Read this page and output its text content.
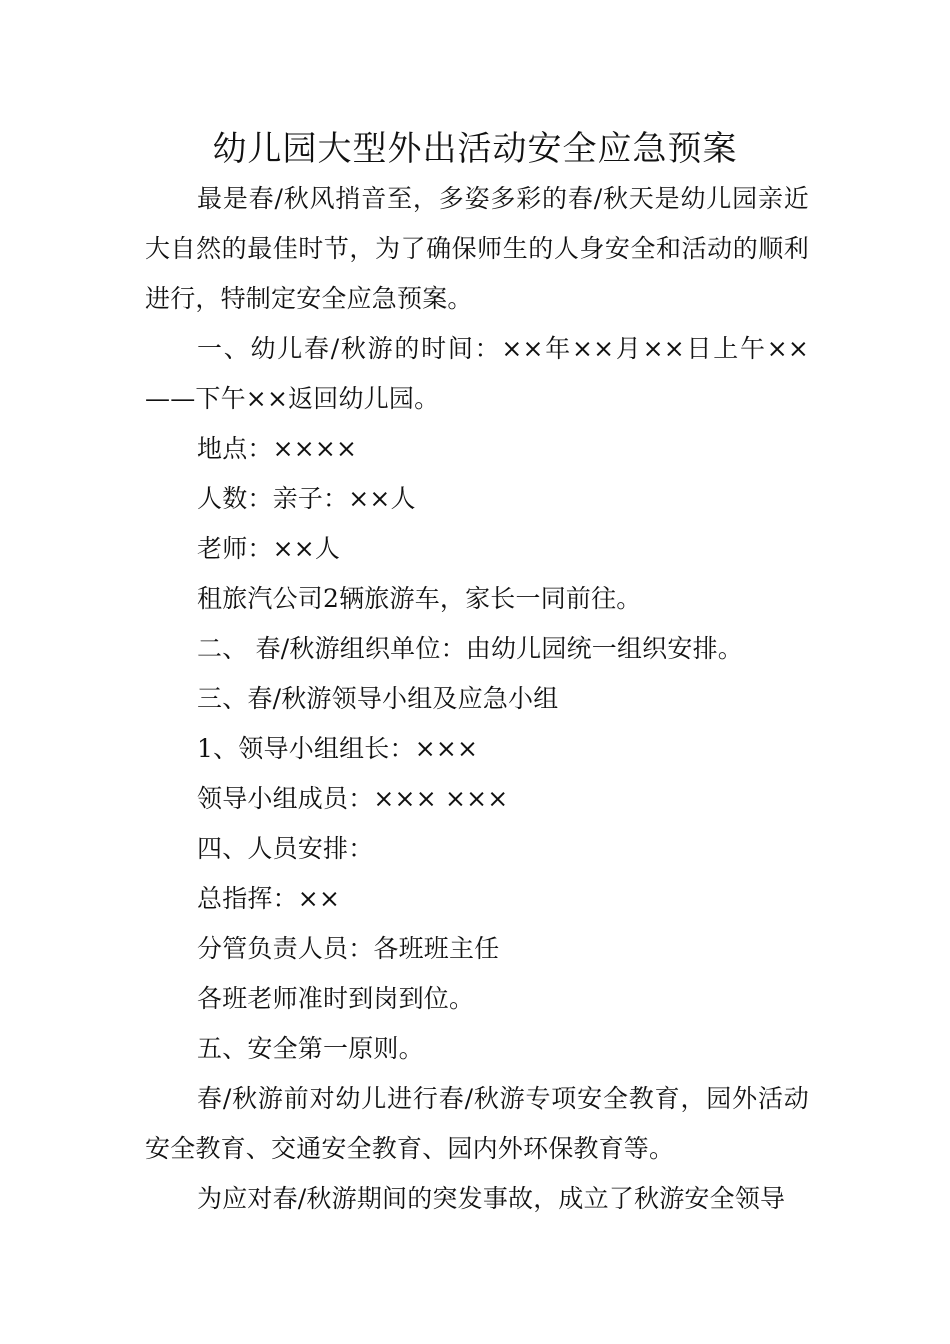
幼儿园大型外出活动安全应急预案

最是春/秋风捎音至，多姿多彩的春/秋天是幼儿园亲近大自然的最佳时节，为了确保师生的人身安全和活动的顺利进行，特制定安全应急预案。

一、幼儿春/秋游的时间：××年××月××日上午××——下午××返回幼儿园。

地点：××××

人数：亲子：××人

老师：××人

租旅汽公司2辆旅游车，家长一同前往。

二、 春/秋游组织单位：由幼儿园统一组织安排。

三、春/秋游领导小组及应急小组

1、领导小组组长：×××

领导小组成员：××× ×××

四、人员安排：

总指挥：××

分管负责人员：各班班主任

各班老师准时到岗到位。

五、安全第一原则。

春/秋游前对幼儿进行春/秋游专项安全教育，园外活动安全教育、交通安全教育、园内外环保教育等。

为应对春/秋游期间的突发事故，成立了秋游安全领导
